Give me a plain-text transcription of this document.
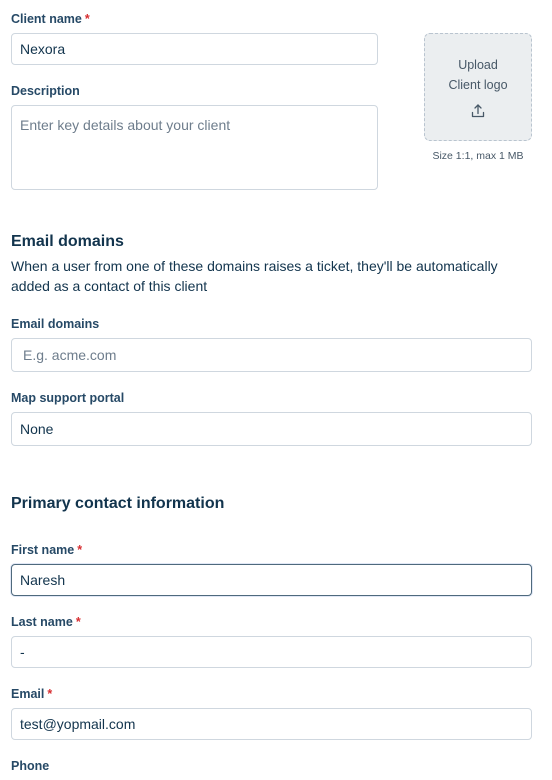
Client name *
Nexora
Description
Enter key details about your client
Upload
Client logo
Size 1:1, max 1 MB
Email domains
When a user from one of these domains raises a ticket, they'll be automatically added as a contact of this client
Email domains
E.g. acme.com
Map support portal
None
Primary contact information
First name *
Naresh
Last name *
-
Email *
test@yopmail.com
Phone
